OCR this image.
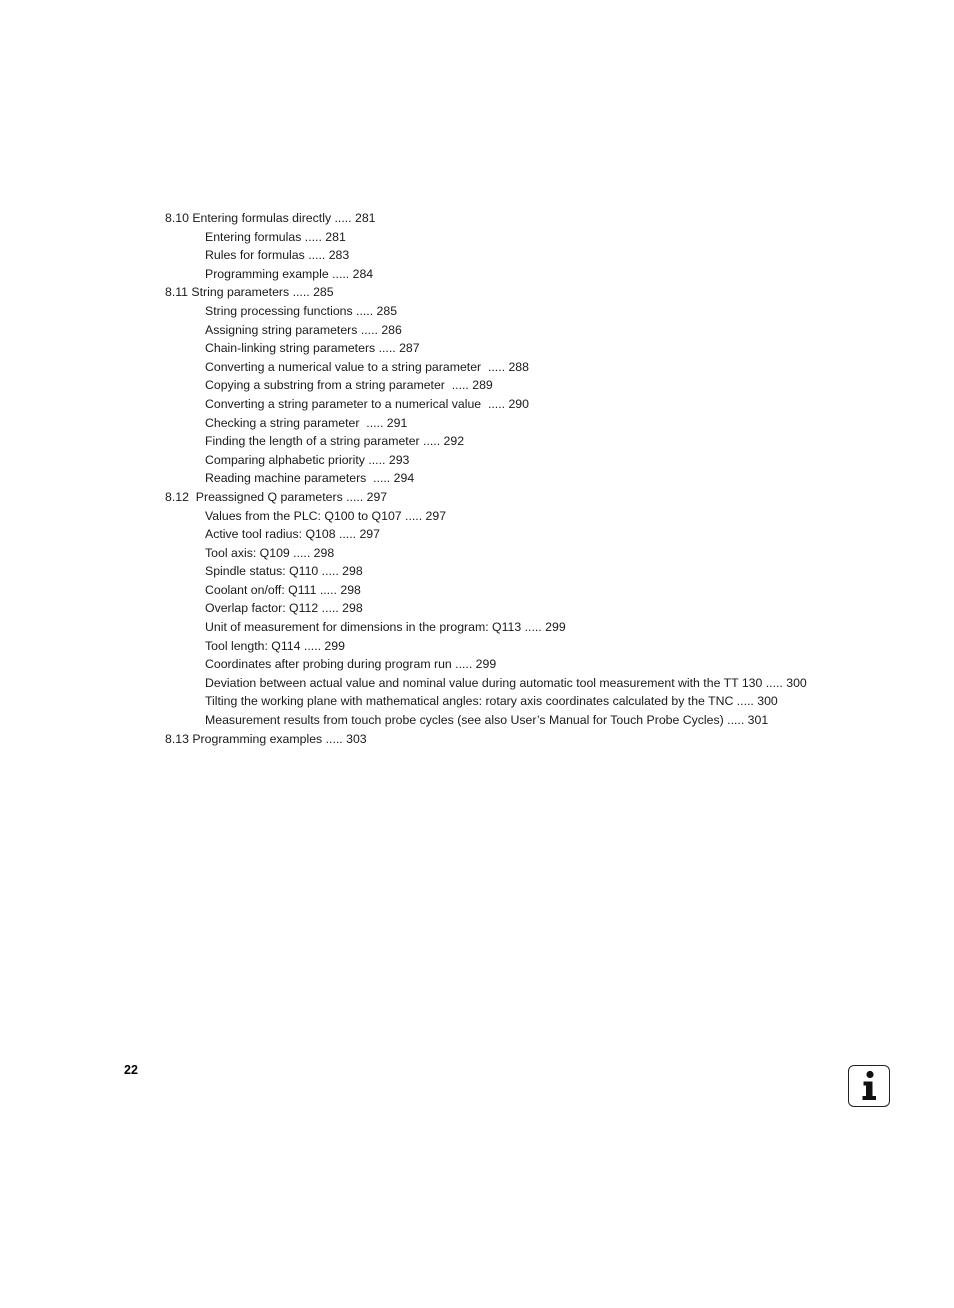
8.10 Entering formulas directly ..... 281
Entering formulas ..... 281
Rules for formulas ..... 283
Programming example ..... 284
8.11 String parameters ..... 285
String processing functions ..... 285
Assigning string parameters ..... 286
Chain-linking string parameters ..... 287
Converting a numerical value to a string parameter  ..... 288
Copying a substring from a string parameter  ..... 289
Converting a string parameter to a numerical value  ..... 290
Checking a string parameter  ..... 291
Finding the length of a string parameter ..... 292
Comparing alphabetic priority ..... 293
Reading machine parameters  ..... 294
8.12  Preassigned Q parameters ..... 297
Values from the PLC: Q100 to Q107 ..... 297
Active tool radius: Q108 ..... 297
Tool axis: Q109 ..... 298
Spindle status: Q110 ..... 298
Coolant on/off: Q111 ..... 298
Overlap factor: Q112 ..... 298
Unit of measurement for dimensions in the program: Q113 ..... 299
Tool length: Q114 ..... 299
Coordinates after probing during program run ..... 299
Deviation between actual value and nominal value during automatic tool measurement with the TT 130 ..... 300
Tilting the working plane with mathematical angles: rotary axis coordinates calculated by the TNC ..... 300
Measurement results from touch probe cycles (see also User’s Manual for Touch Probe Cycles) ..... 301
8.13 Programming examples ..... 303
22
